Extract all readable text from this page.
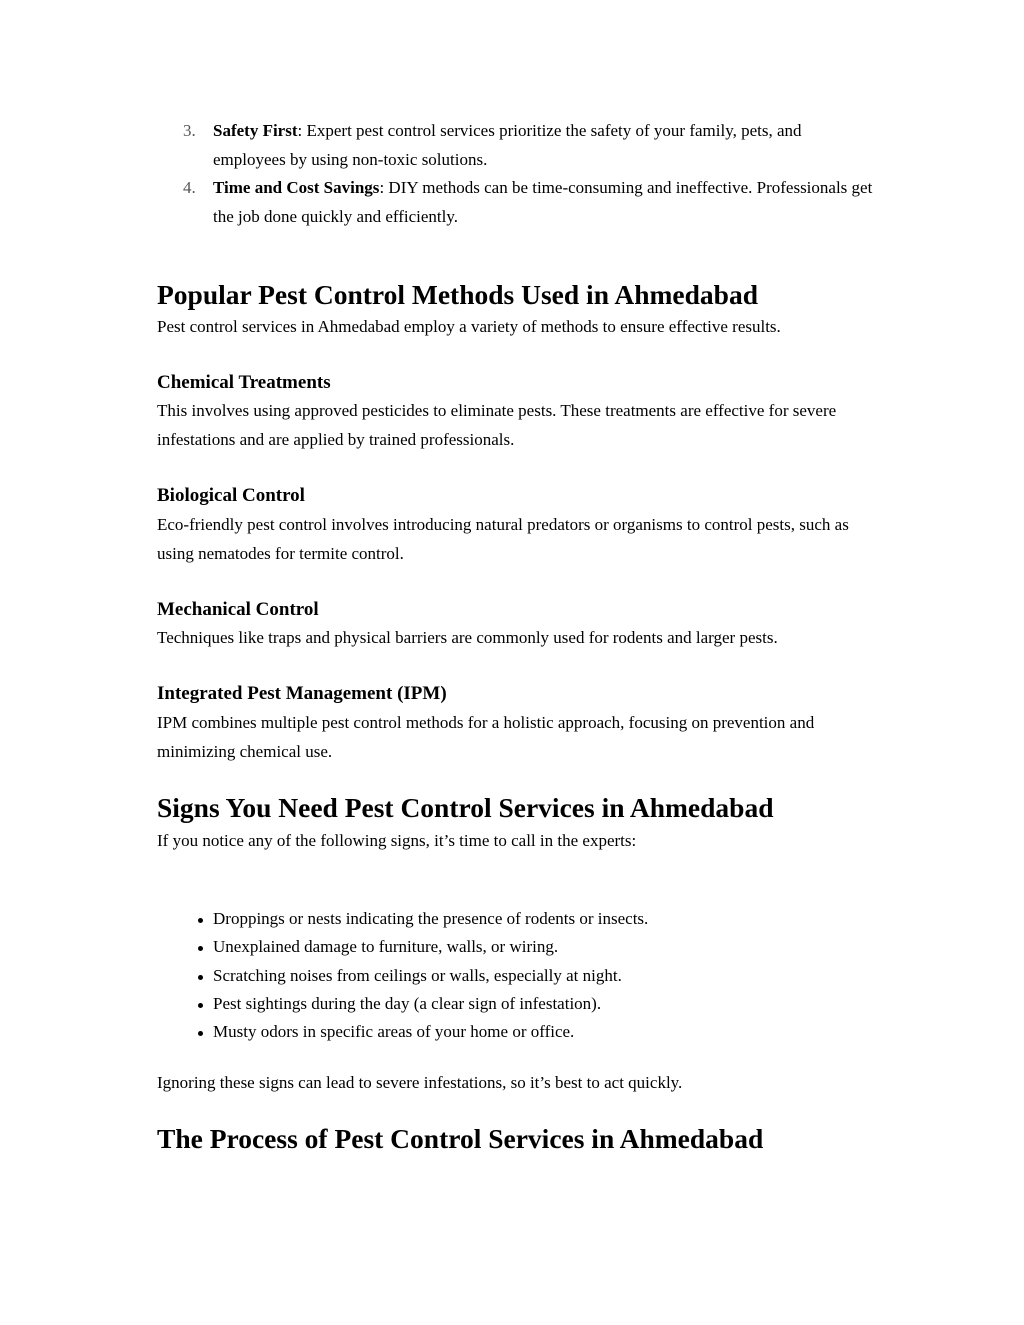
3. Safety First: Expert pest control services prioritize the safety of your family, pets, and employees by using non-toxic solutions.
4. Time and Cost Savings: DIY methods can be time-consuming and ineffective. Professionals get the job done quickly and efficiently.
Popular Pest Control Methods Used in Ahmedabad
Pest control services in Ahmedabad employ a variety of methods to ensure effective results.
Chemical Treatments
This involves using approved pesticides to eliminate pests. These treatments are effective for severe infestations and are applied by trained professionals.
Biological Control
Eco-friendly pest control involves introducing natural predators or organisms to control pests, such as using nematodes for termite control.
Mechanical Control
Techniques like traps and physical barriers are commonly used for rodents and larger pests.
Integrated Pest Management (IPM)
IPM combines multiple pest control methods for a holistic approach, focusing on prevention and minimizing chemical use.
Signs You Need Pest Control Services in Ahmedabad
If you notice any of the following signs, it’s time to call in the experts:
Droppings or nests indicating the presence of rodents or insects.
Unexplained damage to furniture, walls, or wiring.
Scratching noises from ceilings or walls, especially at night.
Pest sightings during the day (a clear sign of infestation).
Musty odors in specific areas of your home or office.
Ignoring these signs can lead to severe infestations, so it’s best to act quickly.
The Process of Pest Control Services in Ahmedabad
